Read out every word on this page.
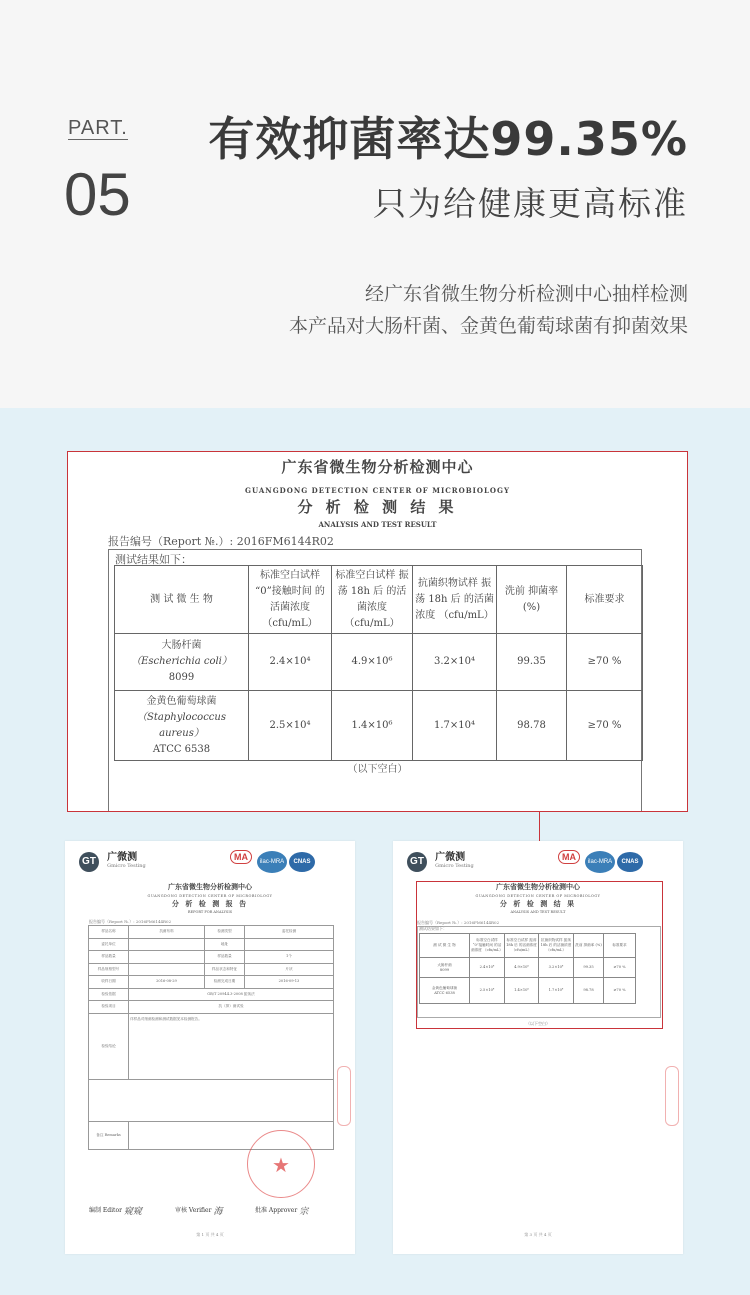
PART.
05
有效抑菌率达99.35%
只为给健康更高标准
经广东省微生物分析检测中心抽样检测
本产品对大肠杆菌、金黄色葡萄球菌有抑菌效果
广东省微生物分析检测中心
GUANGDONG DETECTION CENTER OF MICROBIOLOGY
分 析 检 测 结 果
ANALYSIS AND TEST RESULT
报告编号（Report №.）: 2016FM6144R02
测试结果如下：
测 试 微 生 物	标准空白试样 “0”接触时间 的活菌浓度 （cfu/mL）	标准空白试样 振荡 18h 后 的活菌浓度 （cfu/mL）	抗菌织物试样 振荡 18h 后 的活菌浓度 （cfu/mL）	洗前 抑菌率 (%)	标准要求

大肠杆菌
（Escherichia coli）
8099	2.4×10⁴	4.9×10⁶	3.2×10⁴	99.35	≥70 %

金黄色葡萄球菌
（Staphylococcus aureus）
ATCC 6538	2.5×10⁴	1.4×10⁶	1.7×10⁴	98.78	≥70 %
（以下空白）
GT 广微测
Gmicro Testing
MA	ilac-MRA	CNAS
广东省微生物分析检测中心
GUANGDONG DETECTION CENTER OF MICROBIOLOGY
分 析 检 测 报 告
REPORT FOR ANALYSIS
报告编号（Report №.）: 2016FM6144R02
样品名称	抗菌布料	检测类型	委托检测
委托单位		地址	
样品数量		样品数量	1个
样品规格型号		样品状态和特征	片状
收样日期	2016-08-29	检测完成日期	2016-09-13
检验依据	GB/T 20944.3-2008 振荡法		
检验项目	抗（抑）菌试验		
检验结论	详样品对细菌检测和测试数据见本检测报告。		

备注 Remarks			
★
编制 Editor 窥窥	审核 Verifier 海	批准 Approver 宗
第 1 页 共 4 页
GT 广微测
Gmicro Testing
MA	ilac-MRA	CNAS
广东省微生物分析检测中心
GUANGDONG DETECTION CENTER OF MICROBIOLOGY
分 析 检 测 结 果
ANALYSIS AND TEST RESULT
报告编号（Report №.）: 2016FM6144R02
测试结果如下：
测 试 微 生 物	标准空白试样 “0”接触时间 的活菌浓度 （cfu/mL）	标准空白试样 振荡 18h 后 的活菌浓度 （cfu/mL）	抗菌织物试样 振荡 18h 后 的活菌浓度 （cfu/mL）	洗前 抑菌率 (%)	标准要求
大肠杆菌
8099	2.4×10⁴	4.9×10⁶	3.2×10⁴	99.35	≥70 %
金黄色葡萄球菌
ATCC 6538	2.5×10⁴	1.4×10⁶	1.7×10⁴	98.78	≥70 %
（以下空白）
第 3 页 共 4 页
